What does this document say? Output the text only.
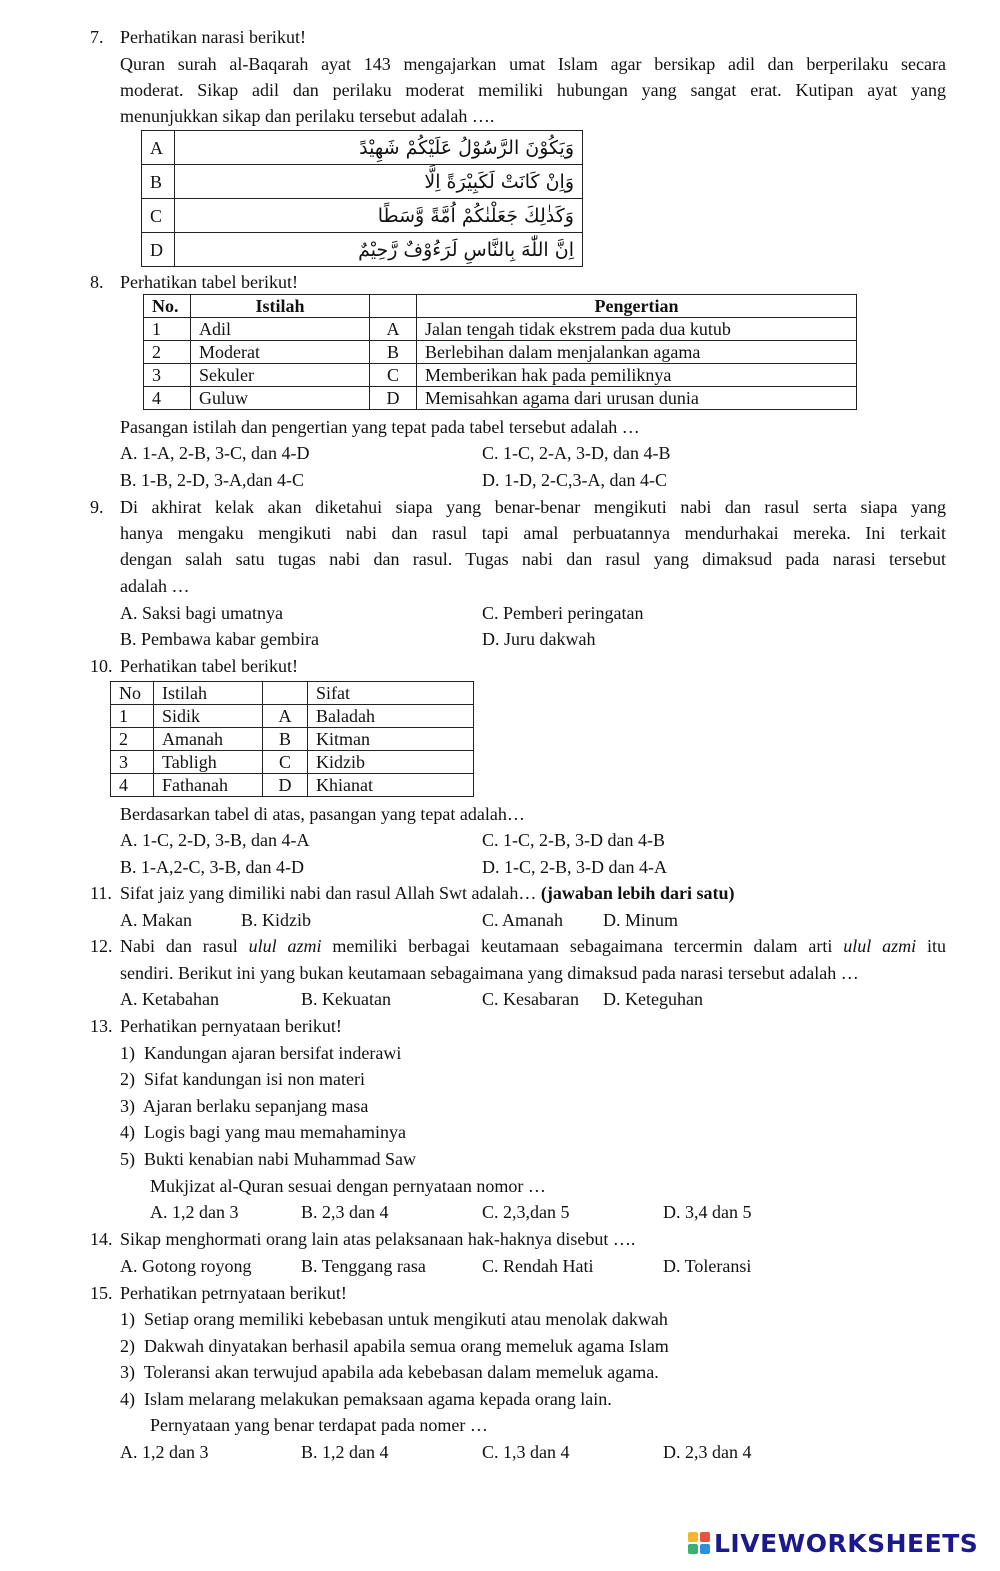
7. Perhatikan narasi berikut!
Quran surah al-Baqarah ayat 143 mengajarkan umat Islam agar bersikap adil dan berperilaku secara
moderat. Sikap adil dan perilaku moderat memiliki hubungan yang sangat erat. Kutipan ayat yang
menunjukkan sikap dan perilaku tersebut adalah ….
A	وَيَكُوْنَ الرَّسُوْلُ عَلَيْكُمْ شَهِيْدً
B	وَاِنْ كَانَتْ لَكَبِيْرَةً اِلَّا
C	وَكَذٰلِكَ جَعَلْنٰكُمْ اُمَّةً وَّسَطًا
D	اِنَّ اللّٰهَ بِالنَّاسِ لَرَءُوْفٌ رَّحِيْمٌ
8. Perhatikan tabel berikut!
No.	Istilah		Pengertian
1	Adil	A	Jalan tengah tidak ekstrem pada dua kutub
2	Moderat	B	Berlebihan dalam menjalankan agama
3	Sekuler	C	Memberikan hak pada pemiliknya
4	Guluw	D	Memisahkan agama dari urusan dunia
Pasangan istilah dan pengertian yang tepat pada tabel tersebut adalah …
A. 1-A, 2-B, 3-C, dan 4-D	C. 1-C, 2-A, 3-D, dan 4-B
B. 1-B, 2-D, 3-A,dan 4-C	D. 1-D, 2-C,3-A, dan 4-C
9. Di akhirat kelak akan diketahui siapa yang benar-benar mengikuti nabi dan rasul serta siapa yang
hanya mengaku mengikuti nabi dan rasul tapi amal perbuatannya mendurhakai mereka. Ini terkait
dengan salah satu tugas nabi dan rasul. Tugas nabi dan rasul yang dimaksud pada narasi tersebut
adalah …
A. Saksi bagi umatnya	C. Pemberi peringatan
B. Pembawa kabar gembira	D. Juru dakwah
10. Perhatikan tabel berikut!
No	Istilah		Sifat
1	Sidik	A	Baladah
2	Amanah	B	Kitman
3	Tabligh	C	Kidzib
4	Fathanah	D	Khianat
Berdasarkan tabel di atas, pasangan yang tepat adalah…
A. 1-C, 2-D, 3-B, dan 4-A	C. 1-C, 2-B, 3-D dan 4-B
B. 1-A,2-C, 3-B, dan 4-D	D. 1-C, 2-B, 3-D dan 4-A
11. Sifat jaiz yang dimiliki nabi dan rasul Allah Swt adalah… (jawaban lebih dari satu)
A. Makan	B. Kidzib	C. Amanah D. Minum
12. Nabi dan rasul ulul azmi memiliki berbagai keutamaan sebagaimana tercermin dalam arti ulul azmi itu
sendiri. Berikut ini yang bukan keutamaan sebagaimana yang dimaksud pada narasi tersebut adalah …
A. Ketabahan	B. Kekuatan	C. Kesabaran D. Keteguhan
13. Perhatikan pernyataan berikut!
1) Kandungan ajaran bersifat inderawi
2) Sifat kandungan isi non materi
3) Ajaran berlaku sepanjang masa
4) Logis bagi yang mau memahaminya
5) Bukti kenabian nabi Muhammad Saw
Mukjizat al-Quran sesuai dengan pernyataan nomor …
A. 1,2 dan 3	B. 2,3 dan 4	C. 2,3,dan 5	D. 3,4 dan 5
14. Sikap menghormati orang lain atas pelaksanaan hak-haknya disebut ….
A. Gotong royong	B. Tenggang rasa	C. Rendah Hati	D. Toleransi
15. Perhatikan petrnyataan berikut!
1) Setiap orang memiliki kebebasan untuk mengikuti atau menolak dakwah
2) Dakwah dinyatakan berhasil apabila semua orang memeluk agama Islam
3) Toleransi akan terwujud apabila ada kebebasan dalam memeluk agama.
4) Islam melarang melakukan pemaksaan agama kepada orang lain.
Pernyataan yang benar terdapat pada nomer …
A. 1,2 dan 3	B. 1,2 dan 4	C. 1,3 dan 4	D. 2,3 dan 4
LIVEWORKSHEETS
